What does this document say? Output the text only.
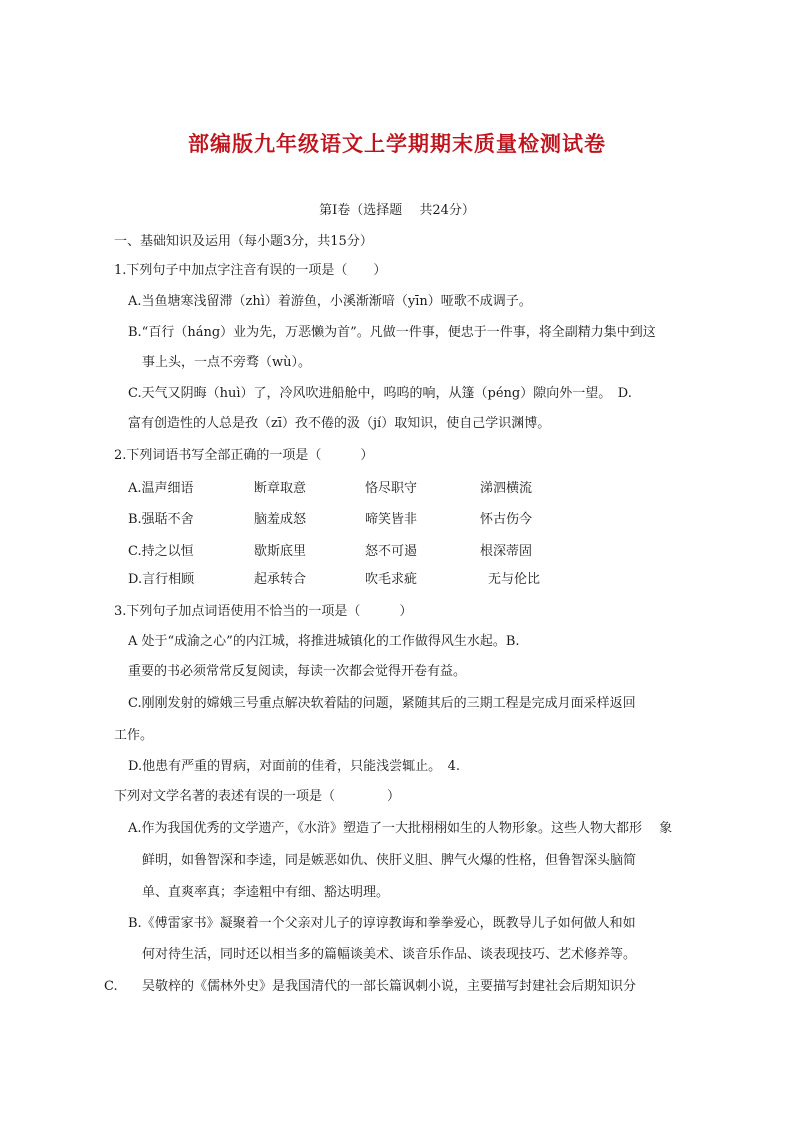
部编版九年级语文上学期期末质量检测试卷
第Ⅰ卷（选择题　 共24分）
一、基础知识及运用（每小题3分，共15分）
1.下列句子中加点字注音有误的一项是（　　）
A.当鱼塘寒浅留滞（zhì）着游鱼，小溪渐渐喑（yīn）哑歌不成调子。
B.“百行（háng）业为先，万恶懒为首”。凡做一件事，便忠于一件事，将全副精力集中到这
事上头，一点不旁骛（wù）。
C.天气又阴晦（huì）了，冷风吹进船舱中，呜呜的响，从篷（péng）隙向外一望。　D.
富有创造性的人总是孜（zī）孜不倦的汲（jí）取知识，使自己学识渊博。
2.下列词语书写全部正确的一项是（　　　）
A.温声细语	断章取意	恪尽职守	涕泗横流
B.强聒不舍	脑羞成怒	啼笑皆非	怀古伤今
C.持之以恒	歇斯底里	怒不可遏	根深蒂固
D.言行相顾	起承转合	吹毛求疵	无与伦比
3.下列句子加点词语使用不恰当的一项是（　　　）
A 处于“成渝之心”的内江城，将推进城镇化的工作做得风生水起。B.
重要的书必须常常反复阅读，每读一次都会觉得开卷有益。
C.刚刚发射的嫦娥三号重点解决软着陆的问题，紧随其后的三期工程是完成月面采样返回
工作。
D.他患有严重的胃病，对面前的佳肴，只能浅尝辄止。　4.
下列对文学名著的表述有误的一项是（　　　　）
A.作为我国优秀的文学遗产，《水浒》塑造了一大批栩栩如生的人物形象。这些人物大都形　 象
鲜明，如鲁智深和李逵，同是嫉恶如仇、侠肝义胆、脾气火爆的性格，但鲁智深头脑简
单、直爽率真；李逵粗中有细、豁达明理。
B.《傅雷家书》凝聚着一个父亲对儿子的谆谆教诲和拳拳爱心，既教导儿子如何做人和如
何对待生活，同时还以相当多的篇幅谈美术、谈音乐作品、谈表现技巧、艺术修养等。
C. 吴敬梓的《儒林外史》是我国清代的一部长篇讽刺小说，主要描写封建社会后期知识分
